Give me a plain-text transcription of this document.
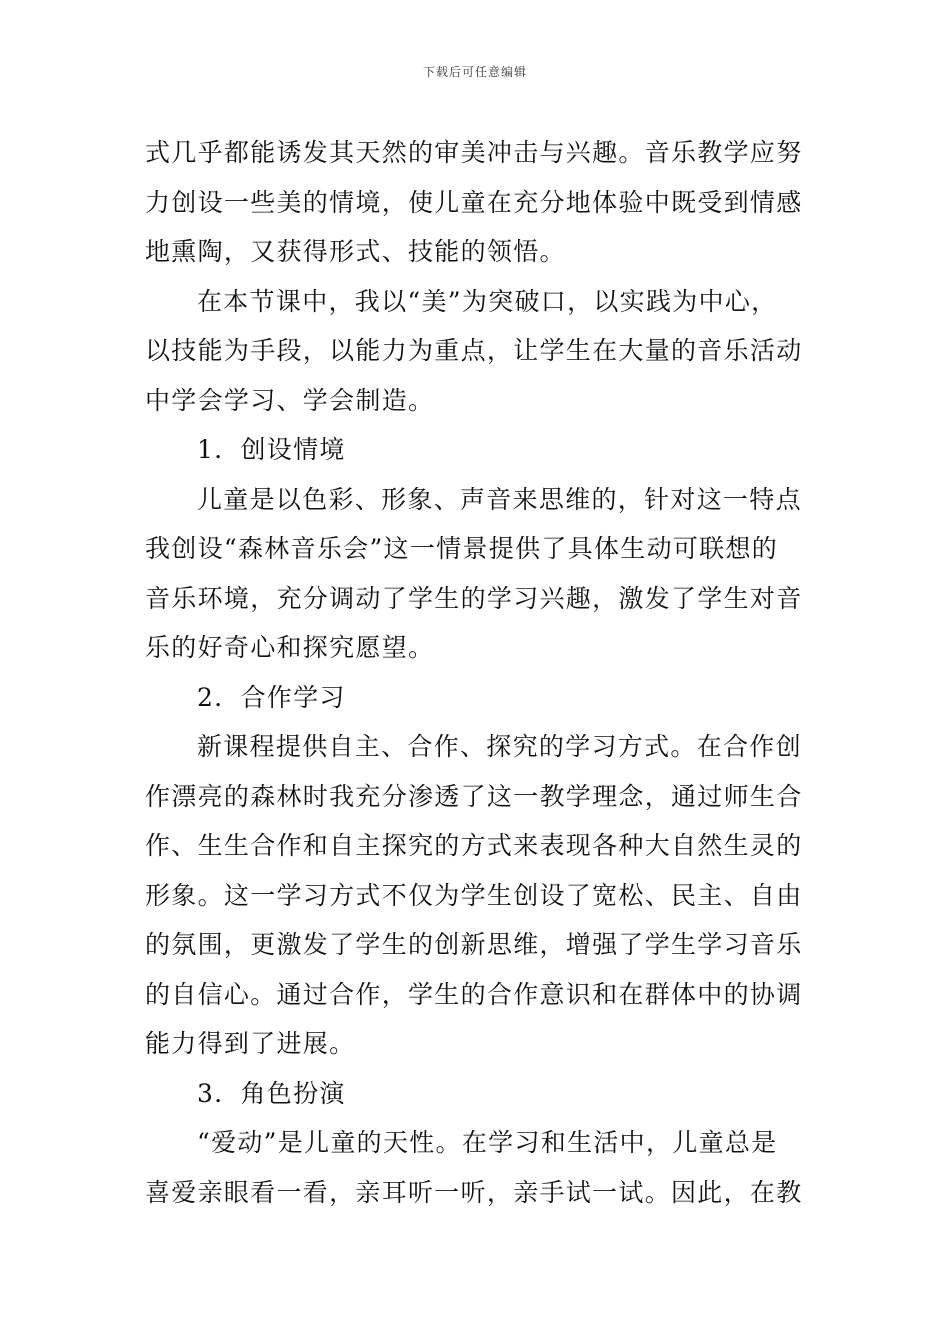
下载后可任意编辑
式几乎都能诱发其天然的审美冲击与兴趣。音乐教学应努
力创设一些美的情境，使儿童在充分地体验中既受到情感
地熏陶，又获得形式、技能的领悟。
在本节课中，我以“美”为突破口，以实践为中心，
以技能为手段，以能力为重点，让学生在大量的音乐活动
中学会学习、学会制造。
1．创设情境
儿童是以色彩、形象、声音来思维的，针对这一特点
我创设“森林音乐会”这一情景提供了具体生动可联想的
音乐环境，充分调动了学生的学习兴趣，激发了学生对音
乐的好奇心和探究愿望。
2．合作学习
新课程提供自主、合作、探究的学习方式。在合作创
作漂亮的森林时我充分渗透了这一教学理念，通过师生合
作、生生合作和自主探究的方式来表现各种大自然生灵的
形象。这一学习方式不仅为学生创设了宽松、民主、自由
的氛围，更激发了学生的创新思维，增强了学生学习音乐
的自信心。通过合作，学生的合作意识和在群体中的协调
能力得到了进展。
3．角色扮演
“爱动”是儿童的天性。在学习和生活中，儿童总是
喜爱亲眼看一看，亲耳听一听，亲手试一试。因此，在教
